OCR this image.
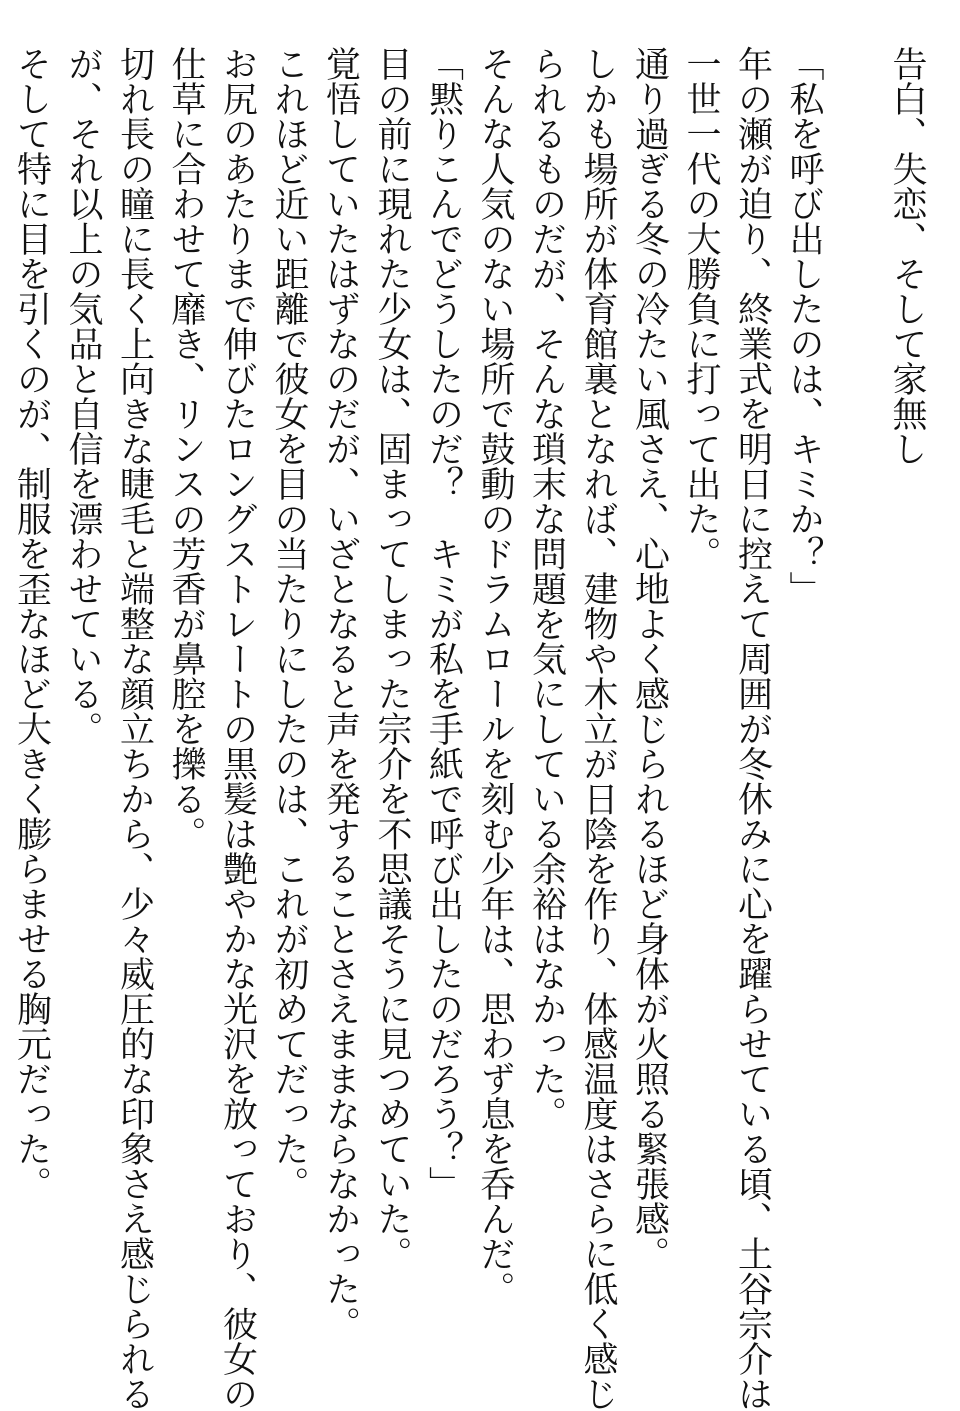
告白、失恋、そして家無し
「私を呼び出したのは、キミか？」
年の瀬が迫り、終業式を明日に控えて周囲が冬休みに心を躍らせている頃、土谷宗介は
一世一代の大勝負に打って出た。
通り過ぎる冬の冷たい風さえ、心地よく感じられるほど身体が火照る緊張感。
しかも場所が体育館裏となれば、建物や木立が日陰を作り、体感温度はさらに低く感じ
られるものだが、そんな瑣末な問題を気にしている余裕はなかった。
そんな人気のない場所で鼓動のドラムロールを刻む少年は、思わず息を呑んだ。
「黙りこんでどうしたのだ？　キミが私を手紙で呼び出したのだろう？」
目の前に現れた少女は、固まってしまった宗介を不思議そうに見つめていた。
覚悟していたはずなのだが、いざとなると声を発することさえままならなかった。
これほど近い距離で彼女を目の当たりにしたのは、これが初めてだった。
お尻のあたりまで伸びたロングストレートの黒髪は艶やかな光沢を放っており、彼女の
仕草に合わせて靡き、リンスの芳香が鼻腔を擽る。
切れ長の瞳に長く上向きな睫毛と端整な顔立ちから、少々威圧的な印象さえ感じられる
が、それ以上の気品と自信を漂わせている。
そして特に目を引くのが、制服を歪なほど大きく膨らませる胸元だった。
